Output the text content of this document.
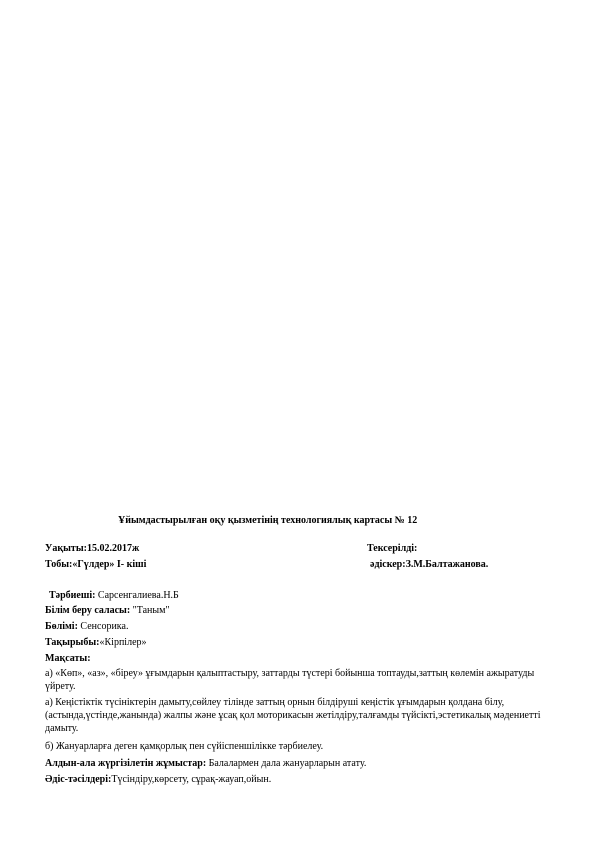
Ұйымдастырылған оқу қызметінің технологиялық картасы № 12
Уақыты:15.02.2017ж	Тексерілді:
Тобы:«Гүлдер» I- кіші	әдіскер:З.М.Балтажанова.
Тәрбиеші: Сарсенгалиева.Н.Б
Білім беру саласы: "Таным"
Бөлімі: Сенсорика.
Тақырыбы:«Кірпілер»
Мақсаты:
а) «Көп», «аз», «біреу» ұғымдарын қалыптастыру, заттарды түстері бойынша топтауды,заттың көлемін ажыратуды үйрету.
а) Кеңістіктік түсініктерін дамыту,сөйлеу тілінде заттың орнын білдіруші кеңістік ұғымдарын қолдана білу,(астында,үстінде,жанында) жалпы және ұсақ қол моторикасын жетілдіру,талғамды түйсікті,эстетикалық мәдениетті дамыту.
б) Жануарларға деген қамқорлық пен сүйіспеншілікке тәрбиелеу.
Алдын-ала жүргізілетін жұмыстар: Балалармен дала жануарларын атату.
Әдіс-тәсілдері:Түсіндіру,көрсету, сұрақ-жауап,ойын.
